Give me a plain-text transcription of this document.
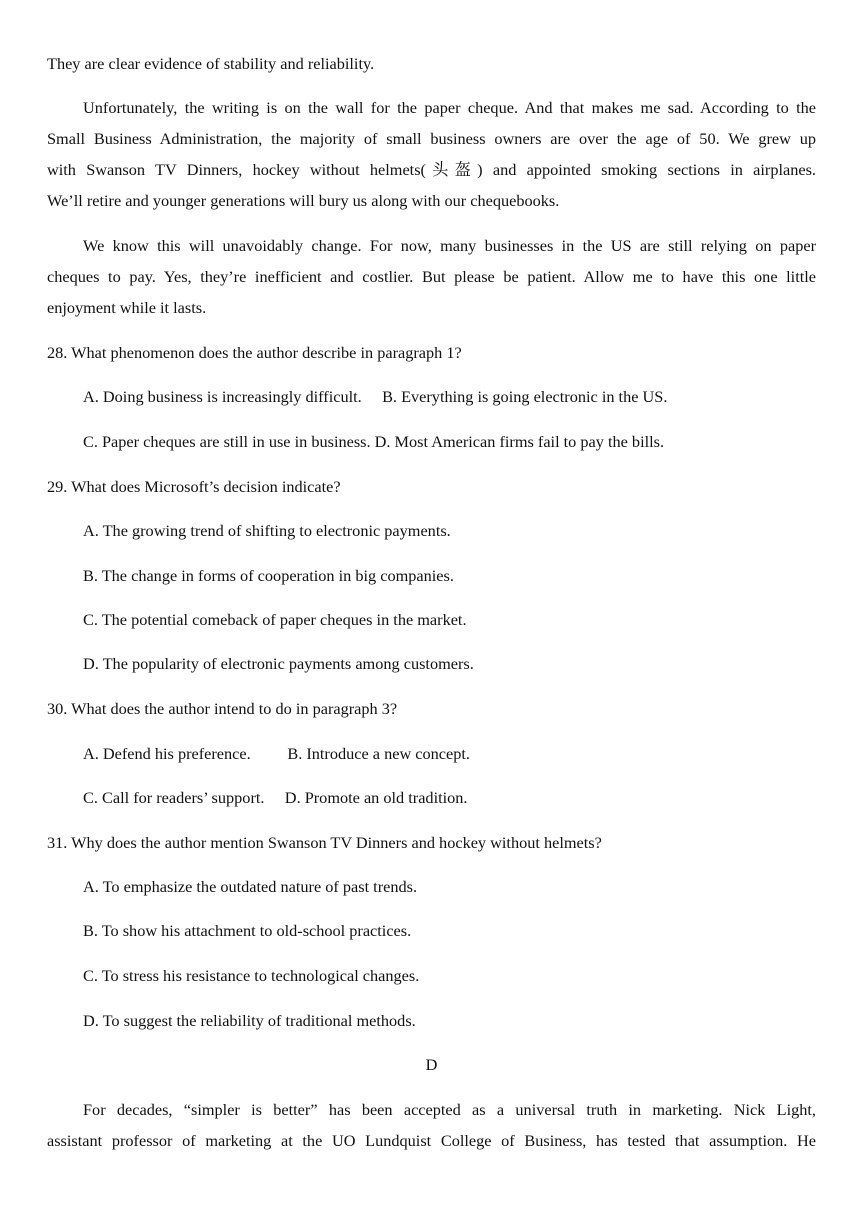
They are clear evidence of stability and reliability.
Unfortunately, the writing is on the wall for the paper cheque. And that makes me sad. According to the
Small Business Administration, the majority of small business owners are over the age of 50. We grew up
with Swanson TV Dinners, hockey without helmets(头盔) and appointed smoking sections in airplanes.
We’ll retire and younger generations will bury us along with our chequebooks.
We know this will unavoidably change. For now, many businesses in the US are still relying on paper
cheques to pay. Yes, they’re inefficient and costlier. But please be patient. Allow me to have this one little
enjoyment while it lasts.
28. What phenomenon does the author describe in paragraph 1?
A. Doing business is increasingly difficult.  B. Everything is going electronic in the US.
C. Paper cheques are still in use in business. D. Most American firms fail to pay the bills.
29. What does Microsoft’s decision indicate?
A. The growing trend of shifting to electronic payments.
B. The change in forms of cooperation in big companies.
C. The potential comeback of paper cheques in the market.
D. The popularity of electronic payments among customers.
30. What does the author intend to do in paragraph 3?
A. Defend his preference.   B. Introduce a new concept.
C. Call for readers’ support.  D. Promote an old tradition.
31. Why does the author mention Swanson TV Dinners and hockey without helmets?
A. To emphasize the outdated nature of past trends.
B. To show his attachment to old-school practices.
C. To stress his resistance to technological changes.
D. To suggest the reliability of traditional methods.
D
For decades, “simpler is better” has been accepted as a universal truth in marketing. Nick Light,
assistant professor of marketing at the UO Lundquist College of Business, has tested that assumption. He
